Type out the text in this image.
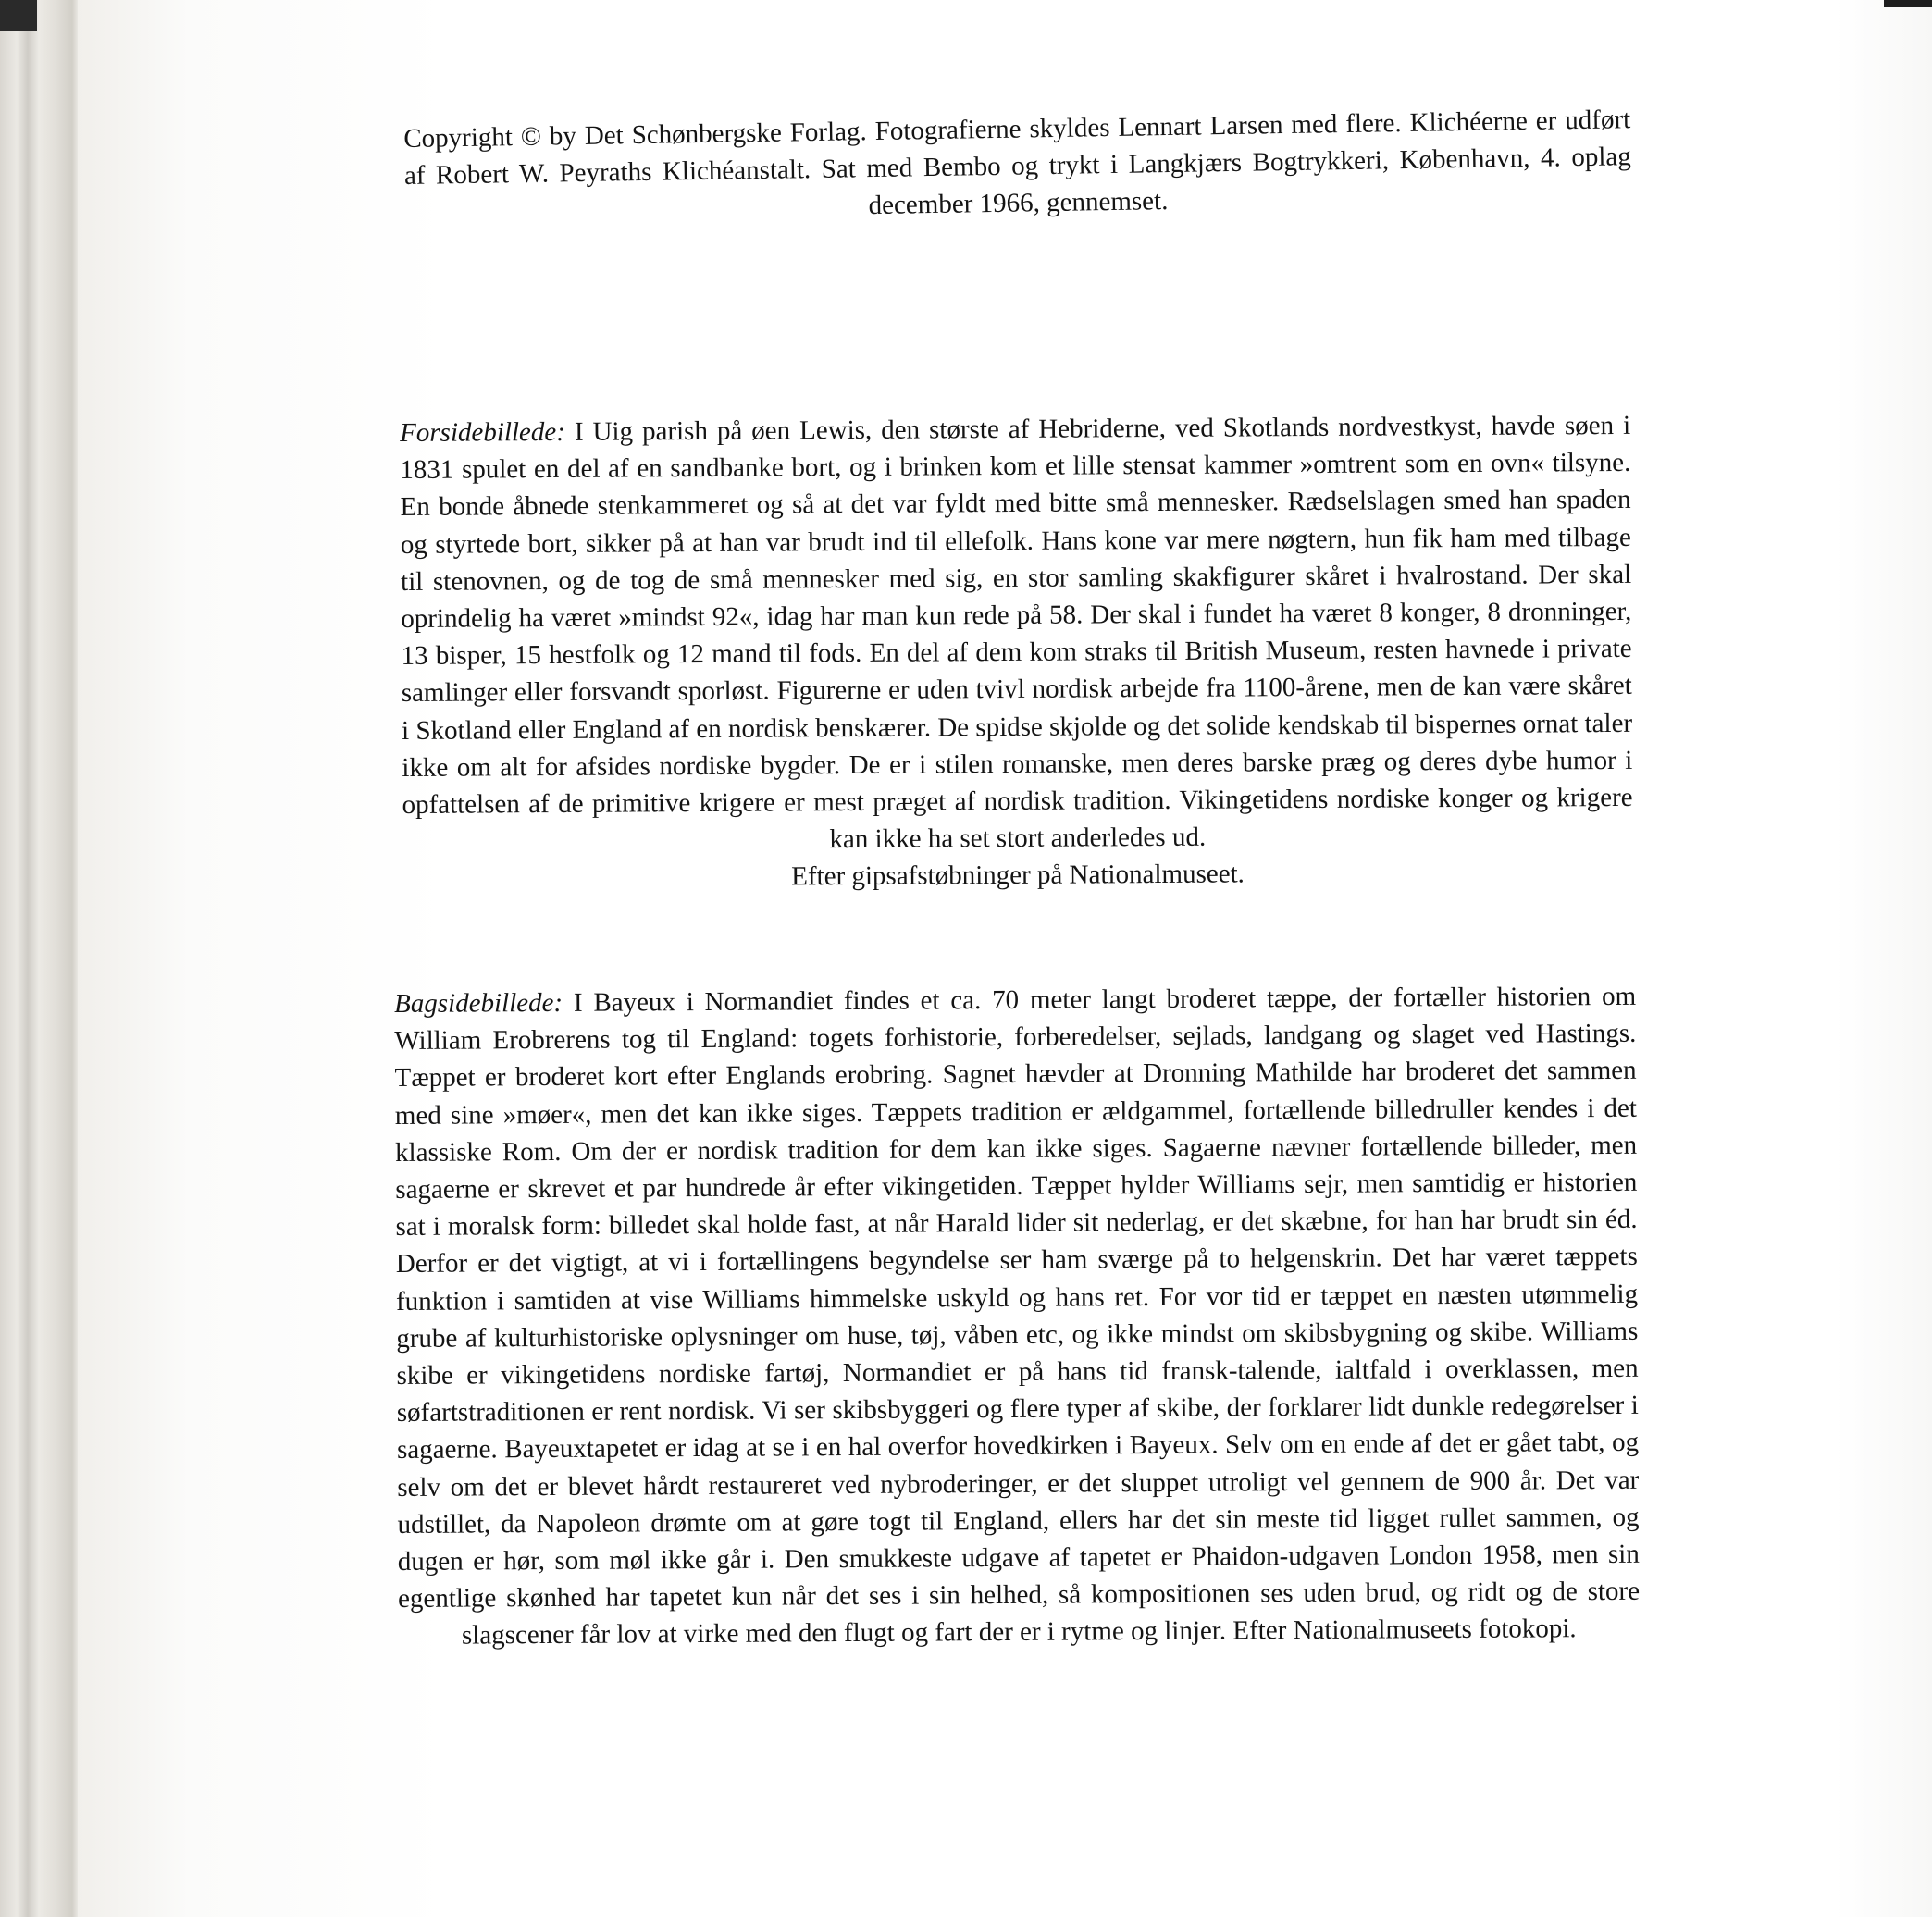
Copyright © by Det Schønbergske Forlag. Fotografierne skyldes Lennart Larsen med flere. Klichéerne er udført af Robert W. Peyraths Klichéanstalt. Sat med Bembo og trykt i Langkjærs Bogtrykkeri, København, 4. oplag december 1966, gennemset.

Forsidebillede:

I Uig parish på øen Lewis, den største af Hebriderne, ved Skotlands nordvestkyst, havde søen i 1831 spulet en del af en sandbanke bort, og i brinken kom et lille stensat kammer »omtrent som en ovn« tilsyne. En bonde åbnede stenkammeret og så at det var fyldt med bitte små mennesker. Rædselslagen smed han spaden og styrtede bort, sikker på at han var brudt ind til ellefolk. Hans kone var mere nøgtern, hun fik ham med tilbage til stenovnen, og de tog de små mennesker med sig, en stor samling skakfigurer skåret i hvalrostand. Der skal oprindelig ha været »mindst 92«, idag har man kun rede på 58. Der skal i fundet ha været 8 konger, 8 dronninger, 13 bisper, 15 hestfolk og 12 mand til fods. En del af dem kom straks til British Museum, resten havnede i private samlinger eller forsvandt sporløst. Figurerne er uden tvivl nordisk arbejde fra 1100-årene, men de kan være skåret i Skotland eller England af en nordisk benskærer. De spidse skjolde og det solide kendskab til bispernes ornat taler ikke om alt for afsides nordiske bygder. De er i stilen romanske, men deres barske præg og deres dybe humor i opfattelsen af de primitive krigere er mest præget af nordisk tradition. Vikingetidens nordiske konger og krigere kan ikke ha set stort anderledes ud.

Efter gipsafstøbninger på Nationalmuseet.

Bagsidebillede:

I Bayeux i Normandiet findes et ca. 70 meter langt broderet tæppe, der fortæller historien om William Erobrerens tog til England: togets forhistorie, forberedelser, sejlads, landgang og slaget ved Hastings. Tæppet er broderet kort efter Englands erobring. Sagnet hævder at Dronning Mathilde har broderet det sammen med sine »møer«, men det kan ikke siges. Tæppets tradition er ældgammel, fortællende billedruller kendes i det klassiske Rom. Om der er nordisk tradition for dem kan ikke siges. Sagaerne nævner fortællende billeder, men sagaerne er skrevet et par hundrede år efter vikingetiden. Tæppet hylder Williams sejr, men samtidig er historien sat i moralsk form: billedet skal holde fast, at når Harald lider sit nederlag, er det skæbne, for han har brudt sin éd. Derfor er det vigtigt, at vi i fortællingens begyndelse ser ham sværge på to helgenskrin. Det har været tæppets funktion i samtiden at vise Williams himmelske uskyld og hans ret. For vor tid er tæppet en næsten utømmelig grube af kulturhistoriske oplysninger om huse, tøj, våben etc, og ikke mindst om skibsbygning og skibe. Williams skibe er vikingetidens nordiske fartøj, Normandiet er på hans tid fransk-talende, ialtfald i overklassen, men søfartstraditionen er rent nordisk. Vi ser skibsbyggeri og flere typer af skibe, der forklarer lidt dunkle redegørelser i sagaerne. Bayeuxtapetet er idag at se i en hal overfor hovedkirken i Bayeux. Selv om en ende af det er gået tabt, og selv om det er blevet hårdt restaureret ved nybroderinger, er det sluppet utroligt vel gennem de 900 år. Det var udstillet, da Napoleon drømte om at gøre togt til England, ellers har det sin meste tid ligget rullet sammen, og dugen er hør, som møl ikke går i. Den smukkeste udgave af tapetet er Phaidon-udgaven London 1958, men sin egentlige skønhed har tapetet kun når det ses i sin helhed, så kompositionen ses uden brud, og ridt og de store slagscener får lov at virke med den flugt og fart der er i rytme og linjer.

Efter Nationalmuseets fotokopi.
